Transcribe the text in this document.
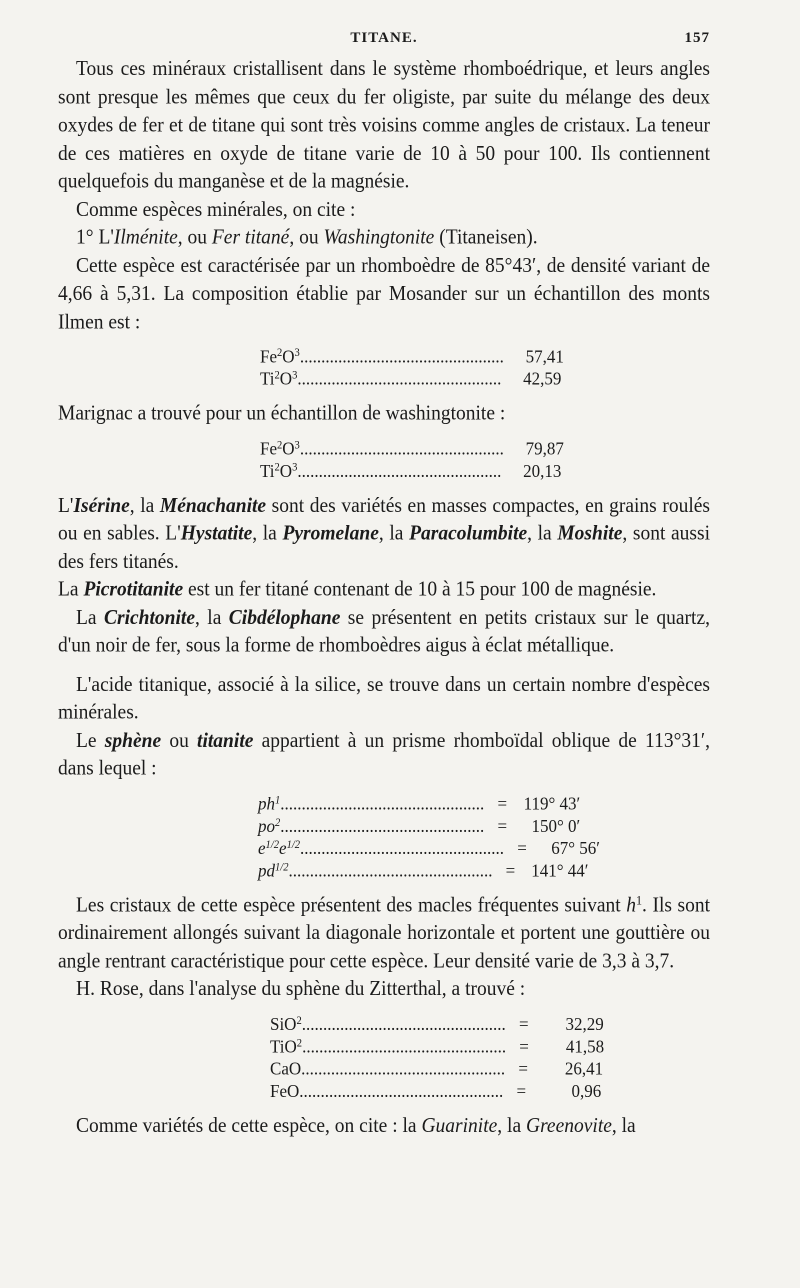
TITANE.	157

Tous ces minéraux cristallisent dans le système rhomboédrique, et leurs angles sont presque les mêmes que ceux du fer oligiste, par suite du mélange des deux oxydes de fer et de titane qui sont très voisins comme angles de cristaux. La teneur de ces matières en oxyde de titane varie de 10 à 50 pour 100. Ils contiennent quelquefois du manganèse et de la magnésie.

Comme espèces minérales, on cite :

1° L'Ilménite, ou Fer titané, ou Washingtonite (Titaneisen).

Cette espèce est caractérisée par un rhomboèdre de 85°43′, de densité variant de 4,66 à 5,31. La composition établie par Mosander sur un échantillon des monts Ilmen est :

$Fe^2O^3$ ................................................	57,41
$Ti^2O^3$ ................................................	42,59

Marignac a trouvé pour un échantillon de washingtonite :

$Fe^2O^3$ ................................................	79,87
$Ti^2O^3$ ................................................	20,13

L'Isérine, la Ménachanite sont des variétés en masses compactes, en grains roulés ou en sables. L'Hystatite, la Pyromelane, la Paracolumbite, la Moshite, sont aussi des fers titanés.

La Picrotitanite est un fer titané contenant de 10 à 15 pour 100 de magnésie.

La Crichtonite, la Cibdélophane se présentent en petits cristaux sur le quartz, d'un noir de fer, sous la forme de rhomboèdres aigus à éclat métallique.

L'acide titanique, associé à la silice, se trouve dans un certain nombre d'espèces minérales.

Le sphène ou titanite appartient à un prisme rhomboïdal oblique de 113°31′, dans lequel :

$ph^1$ ................................................ = 119° 43′
$po^2$ ................................................ =	150° 0′
$e^{1/2}e^{1/2}$ ................................................ =	67° 56′
$pd^{1/2}$ ................................................ = 141° 44′

Les cristaux de cette espèce présentent des macles fréquentes suivant $h^1$. Ils sont ordinairement allongés suivant la diagonale horizontale et portent une gouttière ou angle rentrant caractéristique pour cette espèce. Leur densité varie de 3,3 à 3,7.

H. Rose, dans l'analyse du sphène du Zitterthal, a trouvé :

SiO$^2$ ................................................ =	32,29
TiO$^2$ ................................................ =	41,58
CaO ................................................ =	26,41
FeO ................................................ =	0,96

Comme variétés de cette espèce, on cite : la Guarinite, la Greenovite, la
